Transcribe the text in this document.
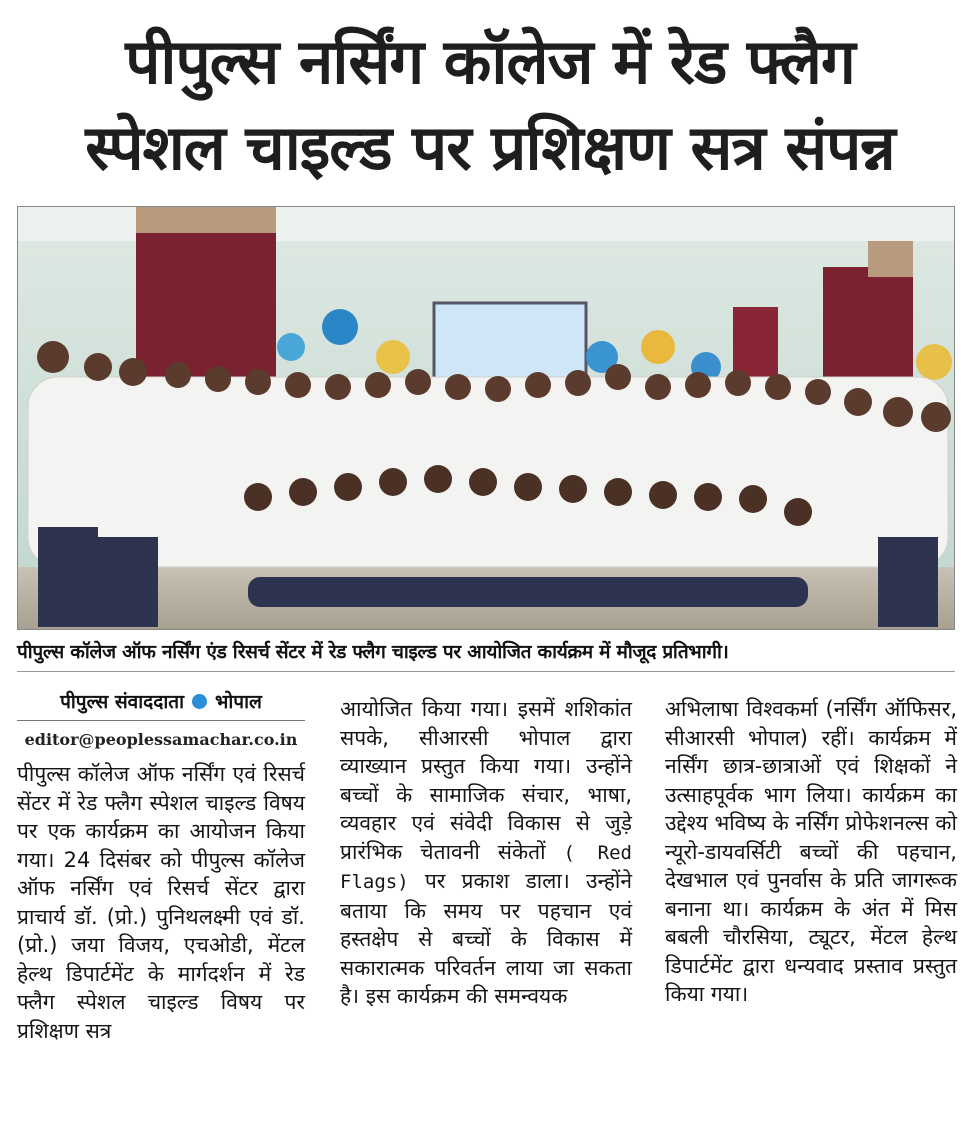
पीपुल्स नर्सिंग कॉलेज में रेड फ्लैग
स्पेशल चाइल्ड पर प्रशिक्षण सत्र संपन्न
पीपुल्स कॉलेज ऑफ नर्सिंग एंड रिसर्च सेंटर में रेड फ्लैग चाइल्ड पर आयोजित कार्यक्रम में मौजूद प्रतिभागी।
पीपुल्स संवाददाता भोपाल
editor@peoplessamachar.co.in
पीपुल्स कॉलेज ऑफ नर्सिंग एवं रिसर्च सेंटर में रेड फ्लैग स्पेशल चाइल्ड विषय पर एक कार्यक्रम का आयोजन किया गया। 24 दिसंबर को पीपुल्स कॉलेज ऑफ नर्सिंग एवं रिसर्च सेंटर द्वारा प्राचार्य डॉ. (प्रो.) पुनिथलक्ष्मी एवं डॉ. (प्रो.) जया विजय, एचओडी, मेंटल हेल्थ डिपार्टमेंट के मार्गदर्शन में रेड फ्लैग स्पेशल चाइल्ड विषय पर प्रशिक्षण सत्र
आयोजित किया गया। इसमें शशिकांत सपके, सीआरसी भोपाल द्वारा व्याख्यान प्रस्तुत किया गया। उन्होंने बच्चों के सामाजिक संचार, भाषा, व्यवहार एवं संवेदी विकास से जुड़े प्रारंभिक चेतावनी संकेतों ( Red Flags) पर प्रकाश डाला। उन्होंने बताया कि समय पर पहचान एवं हस्तक्षेप से बच्चों के विकास में सकारात्मक परिवर्तन लाया जा सकता है। इस कार्यक्रम की समन्वयक
अभिलाषा विश्वकर्मा (नर्सिंग ऑफिसर, सीआरसी भोपाल) रहीं। कार्यक्रम में नर्सिंग छात्र-छात्राओं एवं शिक्षकों ने उत्साहपूर्वक भाग लिया। कार्यक्रम का उद्देश्य भविष्य के नर्सिंग प्रोफेशनल्स को न्यूरो-डायवर्सिटी बच्चों की पहचान, देखभाल एवं पुनर्वास के प्रति जागरूक बनाना था। कार्यक्रम के अंत में मिस बबली चौरसिया, ट्यूटर, मेंटल हेल्थ डिपार्टमेंट द्वारा धन्यवाद प्रस्ताव प्रस्तुत किया गया।
